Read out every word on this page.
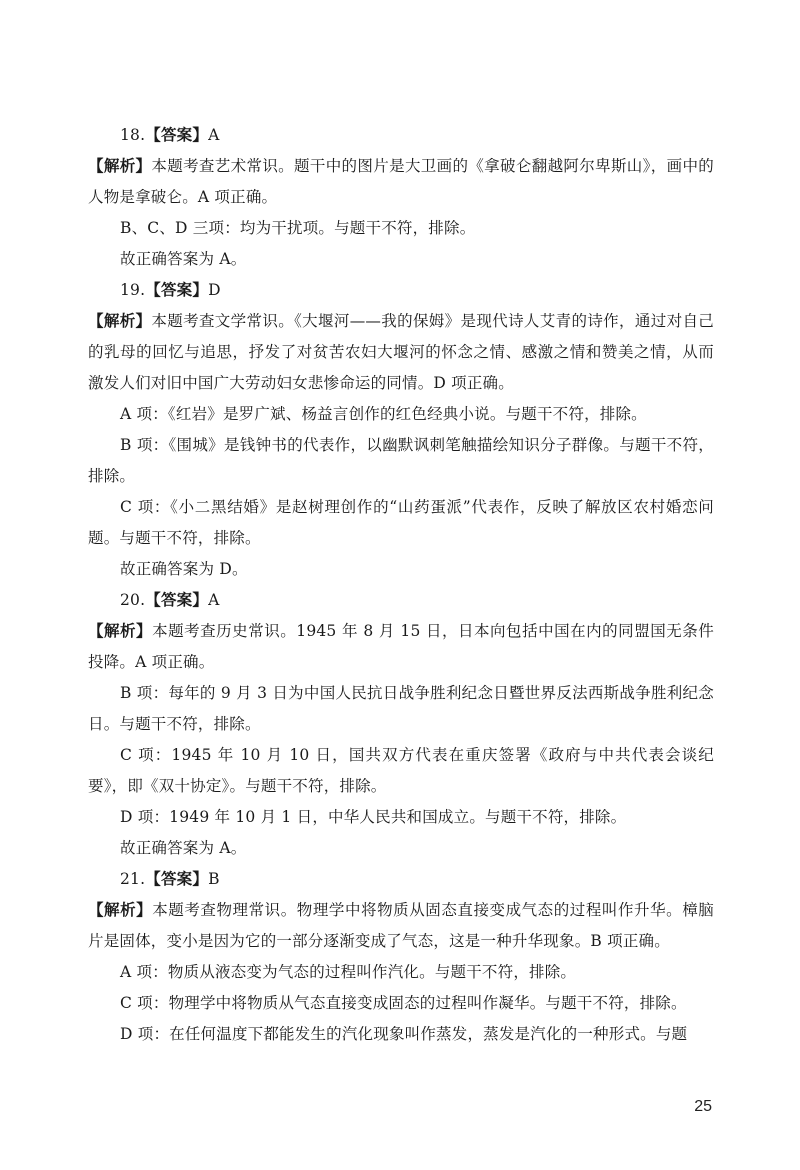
18.【答案】A

【解析】本题考查艺术常识。题干中的图片是大卫画的《拿破仑翻越阿尔卑斯山》，画中的人物是拿破仑。A 项正确。

B、C、D 三项：均为干扰项。与题干不符，排除。

故正确答案为 A。

19.【答案】D

【解析】本题考查文学常识。《大堰河——我的保姆》是现代诗人艾青的诗作，通过对自己的乳母的回忆与追思，抒发了对贫苦农妇大堰河的怀念之情、感激之情和赞美之情，从而激发人们对旧中国广大劳动妇女悲惨命运的同情。D 项正确。

A 项：《红岩》是罗广斌、杨益言创作的红色经典小说。与题干不符，排除。

B 项：《围城》是钱钟书的代表作，以幽默讽刺笔触描绘知识分子群像。与题干不符，排除。

C 项：《小二黑结婚》是赵树理创作的“山药蛋派”代表作，反映了解放区农村婚恋问题。与题干不符，排除。

故正确答案为 D。

20.【答案】A

【解析】本题考查历史常识。1945 年 8 月 15 日，日本向包括中国在内的同盟国无条件投降。A 项正确。

B 项：每年的 9 月 3 日为中国人民抗日战争胜利纪念日暨世界反法西斯战争胜利纪念日。与题干不符，排除。

C 项：1945 年 10 月 10 日，国共双方代表在重庆签署《政府与中共代表会谈纪要》，即《双十协定》。与题干不符，排除。

D 项：1949 年 10 月 1 日，中华人民共和国成立。与题干不符，排除。

故正确答案为 A。

21.【答案】B

【解析】本题考查物理常识。物理学中将物质从固态直接变成气态的过程叫作升华。樟脑片是固体，变小是因为它的一部分逐渐变成了气态，这是一种升华现象。B 项正确。

A 项：物质从液态变为气态的过程叫作汽化。与题干不符，排除。

C 项：物理学中将物质从气态直接变成固态的过程叫作凝华。与题干不符，排除。

D 项：在任何温度下都能发生的汽化现象叫作蒸发，蒸发是汽化的一种形式。与题

25
